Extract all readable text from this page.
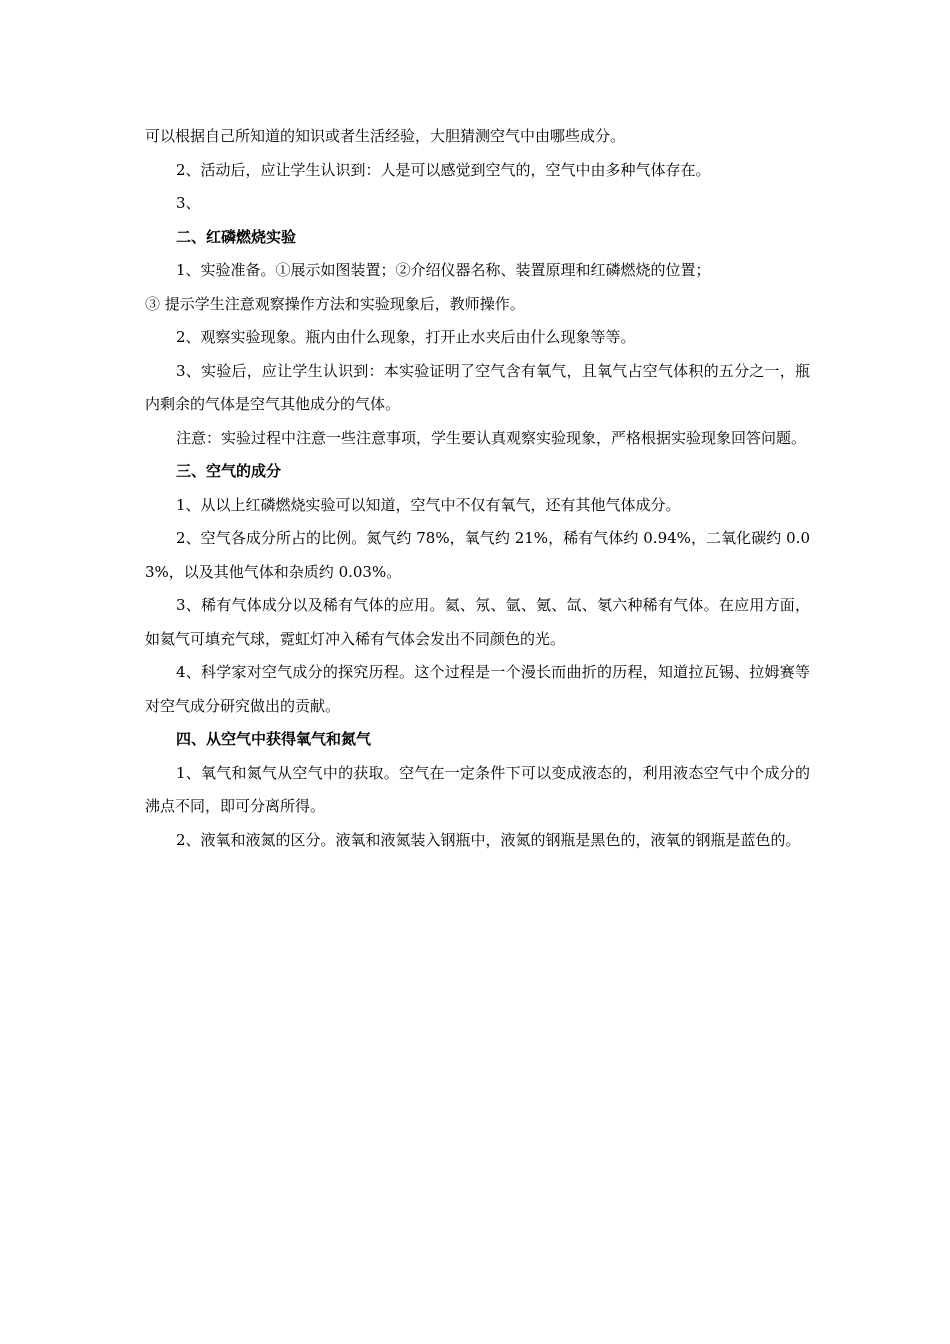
可以根据自己所知道的知识或者生活经验，大胆猜测空气中由哪些成分。

2、活动后，应让学生认识到：人是可以感觉到空气的，空气中由多种气体存在。

3、

二、红磷燃烧实验

1、实验准备。①展示如图装置；②介绍仪器名称、装置原理和红磷燃烧的位置；

③ 提示学生注意观察操作方法和实验现象后，教师操作。

2、观察实验现象。瓶内由什么现象，打开止水夹后由什么现象等等。

3、实验后，应让学生认识到：本实验证明了空气含有氧气，且氧气占空气体积的五分之一，瓶内剩余的气体是空气其他成分的气体。

注意：实验过程中注意一些注意事项，学生要认真观察实验现象，严格根据实验现象回答问题。

三、空气的成分

1、从以上红磷燃烧实验可以知道，空气中不仅有氧气，还有其他气体成分。

2、空气各成分所占的比例。氮气约 78%，氧气约 21%，稀有气体约 0.94%，二氧化碳约 0.03%，以及其他气体和杂质约 0.03%。

3、稀有气体成分以及稀有气体的应用。氦、氖、氩、氪、氙、氡六种稀有气体。在应用方面，如氦气可填充气球，霓虹灯冲入稀有气体会发出不同颜色的光。

4、科学家对空气成分的探究历程。这个过程是一个漫长而曲折的历程，知道拉瓦锡、拉姆赛等对空气成分研究做出的贡献。

四、从空气中获得氧气和氮气

1、氧气和氮气从空气中的获取。空气在一定条件下可以变成液态的，利用液态空气中个成分的沸点不同，即可分离所得。

2、液氧和液氮的区分。液氧和液氮装入钢瓶中，液氮的钢瓶是黑色的，液氧的钢瓶是蓝色的。
